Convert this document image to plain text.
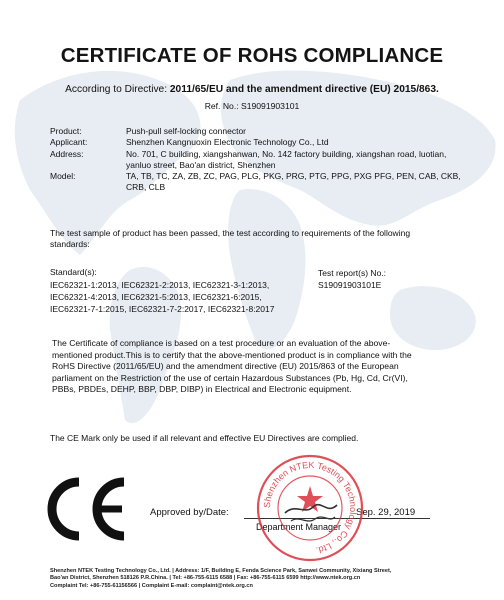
CERTIFICATE OF ROHS COMPLIANCE
According to Directive: 2011/65/EU and the amendment directive (EU) 2015/863.
Ref. No.: S19091903101
Product:	Push-pull self-locking connector
Applicant:	Shenzhen Kangnuoxin Electronic Technology Co., Ltd
Address:	No. 701, C building, xiangshanwan, No. 142 factory building, xiangshan road, luotian, yanluo street, Bao'an district, Shenzhen
Model:	TA, TB, TC, ZA, ZB, ZC, PAG, PLG, PKG, PRG, PTG, PPG, PXG PFG, PEN, CAB, CKB, CRB, CLB
The test sample of product has been passed, the test according to requirements of the following standards:
Standard(s):
IEC62321-1:2013, IEC62321-2:2013, IEC62321-3-1:2013,
IEC62321-4:2013, IEC62321-5:2013, IEC62321-6:2015,
IEC62321-7-1:2015, IEC62321-7-2:2017, IEC62321-8:2017
Test report(s) No.:
S19091903101E
The Certificate of compliance is based on a test procedure or an evaluation of the above-mentioned product.This is to certify that the above-mentioned product is in compliance with the RoHS Directive (2011/65/EU) and the amendment directive (EU) 2015/863 of the European parliament on the Restriction of the use of certain Hazardous Substances (Pb, Hg, Cd, Cr(VI), PBBs, PBDEs, DEHP, BBP, DBP, DIBP) in Electrical and Electronic equipment.
The CE Mark only be used if all relevant and effective EU Directives are complied.
Approved by/Date:
Department Manager
Sep. 29, 2019
Shenzhen NTEK Testing Technology Co., Ltd.
Shenzhen NTEK Testing Technology Co., Ltd. | Address: 1/F, Building E, Fenda Science Park, Sanwei Community, Xixiang Street,
Bao'an District, Shenzhen 518126 P.R.China. | Tel: +86-755-6115 6588 | Fax: +86-755-6115 6599 http://www.ntek.org.cn
Complaint Tel: +86-755-61156566 | Complaint E-mail: complaint@ntek.org.cn
